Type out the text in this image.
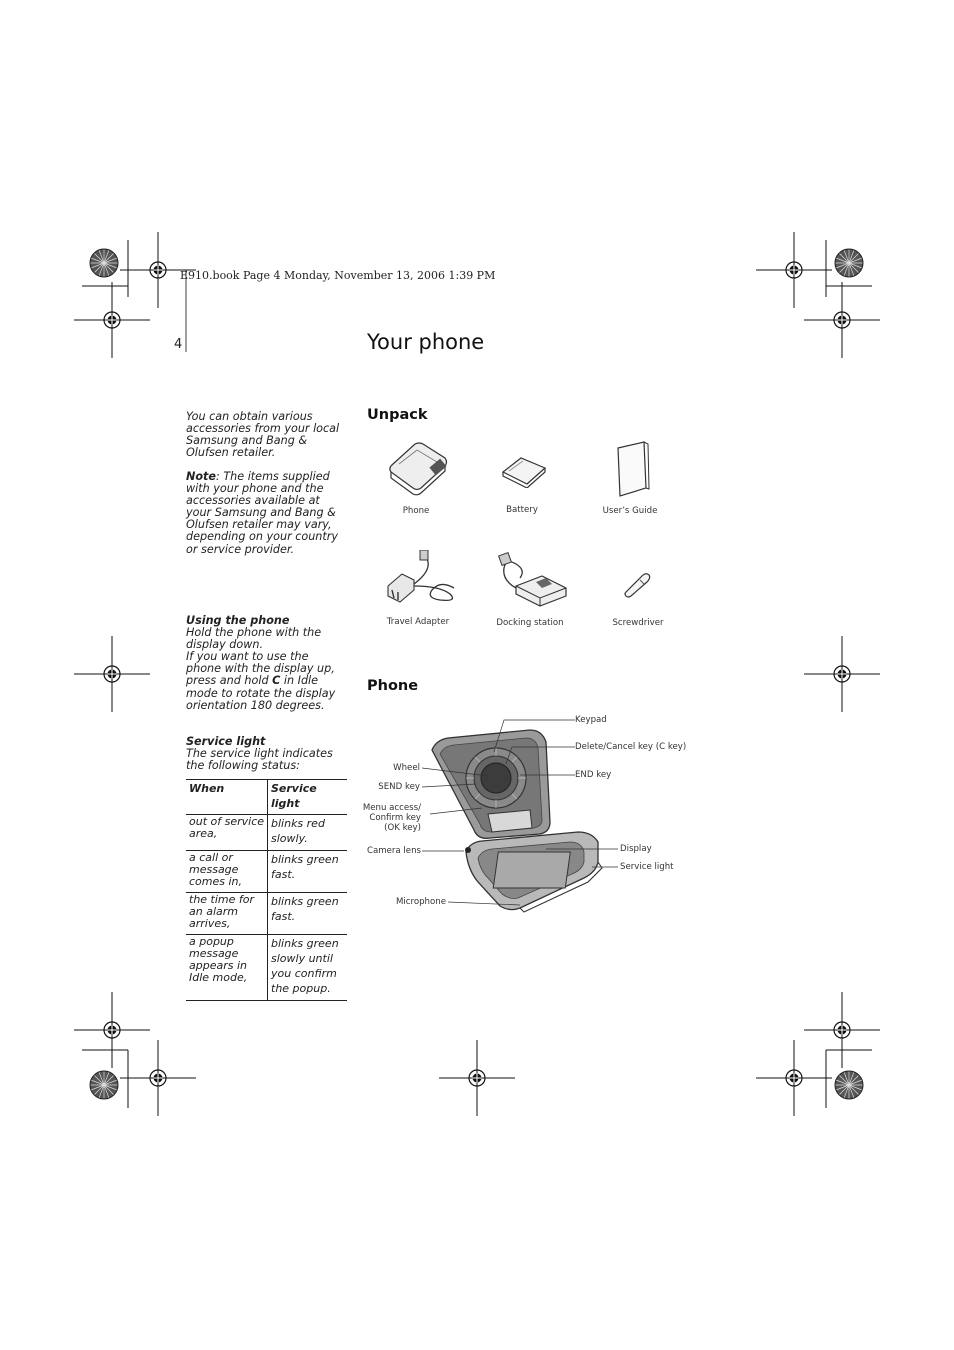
E910.book Page 4 Monday, November 13, 2006 1:39 PM
4	Your phone

You can obtain various accessories from your local Samsung and Bang & Olufsen retailer.

Note: The items supplied with your phone and the accessories available at your Samsung and Bang & Olufsen retailer may vary, depending on your country or service provider.

Using the phone

Hold the phone with the display down.

If you want to use the phone with the display up, press and hold C in Idle mode to rotate the display orientation 180 degrees.

Service light

The service light indicates the following status:

When	Service light
out of service area,	blinks red slowly.
a call or message comes in,	blinks green fast.
the time for an alarm arrives,	blinks green fast.
a popup message appears in Idle mode,	blinks green slowly until you confirm the popup.
Unpack
Phone	Battery	User’s Guide
Travel Adapter	Docking station	Screwdriver
Phone
Keypad
Delete/Cancel key (C key)
Wheel
END key
SEND key
Menu access/
Confirm key
(OK key)
Camera lens	Display
Service light
Microphone
